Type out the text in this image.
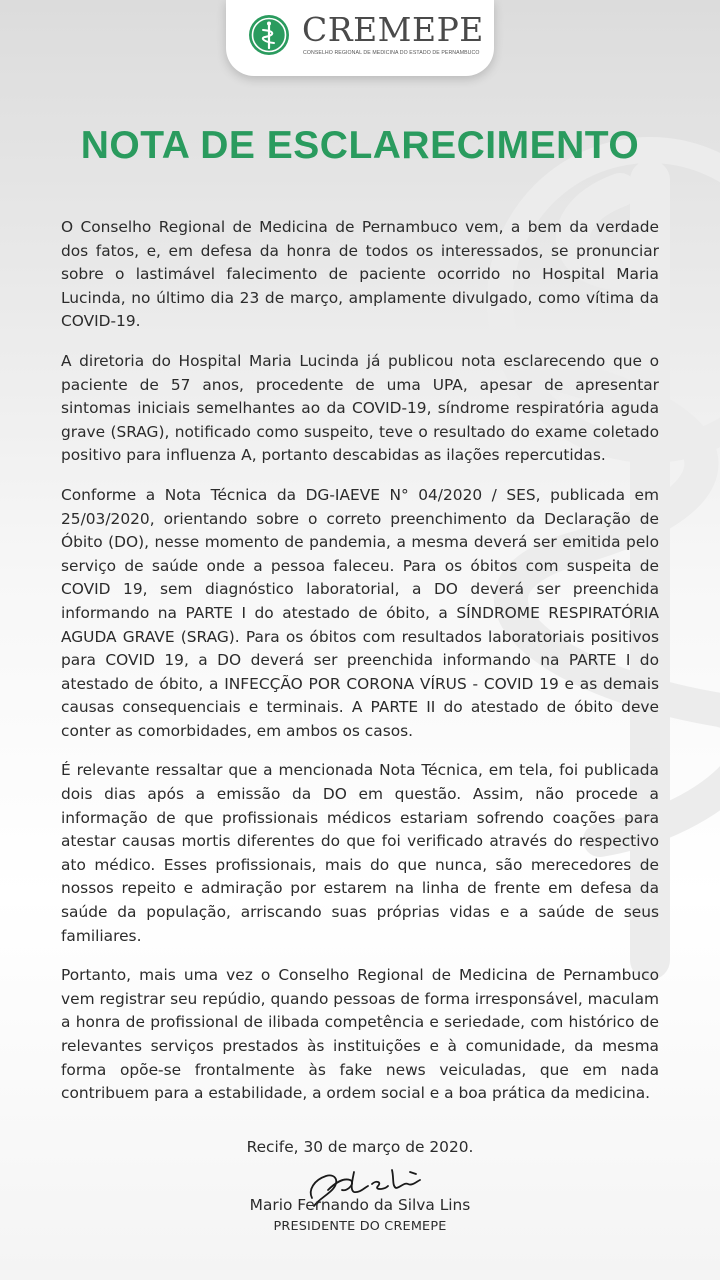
CREMEPE
CONSELHO REGIONAL DE MEDICINA DO ESTADO DE PERNAMBUCO
NOTA DE ESCLARECIMENTO

O Conselho Regional de Medicina de Pernambuco vem, a bem da verdade dos fatos, e, em defesa da honra de todos os interessados, se pronunciar sobre o lastimável falecimento de paciente ocorrido no Hospital Maria Lucinda, no último dia 23 de março, amplamente divulgado, como vítima da COVID-19.

A diretoria do Hospital Maria Lucinda já publicou nota esclarecendo que o paciente de 57 anos, procedente de uma UPA, apesar de apresentar sintomas iniciais semelhantes ao da COVID-19, síndrome respiratória aguda grave (SRAG), notificado como suspeito, teve o resultado do exame coletado positivo para influenza A, portanto descabidas as ilações repercutidas.

Conforme a Nota Técnica da DG-IAEVE N° 04/2020 / SES, publicada em 25/03/2020, orientando sobre o correto preenchimento da Declaração de Óbito (DO), nesse momento de pandemia, a mesma deverá ser emitida pelo serviço de saúde onde a pessoa faleceu. Para os óbitos com suspeita de COVID 19, sem diagnóstico laboratorial, a DO deverá ser preenchida informando na PARTE I do atestado de óbito, a SÍNDROME RESPIRATÓRIA AGUDA GRAVE (SRAG). Para os óbitos com resultados laboratoriais positivos para COVID 19, a DO deverá ser preenchida informando na PARTE I do atestado de óbito, a INFECÇÃO POR CORONA VÍRUS - COVID 19 e as demais causas consequenciais e terminais. A PARTE II do atestado de óbito deve conter as comorbidades, em ambos os casos.

É relevante ressaltar que a mencionada Nota Técnica, em tela, foi publicada dois dias após a emissão da DO em questão. Assim, não procede a informação de que profissionais médicos estariam sofrendo coações para atestar causas mortis diferentes do que foi verificado através do respectivo ato médico. Esses profissionais, mais do que nunca, são merecedores de nossos repeito e admiração por estarem na linha de frente em defesa da saúde da população, arriscando suas próprias vidas e a saúde de seus familiares.

Portanto, mais uma vez o Conselho Regional de Medicina de Pernambuco vem registrar seu repúdio, quando pessoas de forma irresponsável, maculam a honra de profissional de ilibada competência e seriedade, com histórico de relevantes serviços prestados às instituições e à comunidade, da mesma forma opõe-se frontalmente às fake news veiculadas, que em nada contribuem para a estabilidade, a ordem social e a boa prática da medicina.

Recife, 30 de março de 2020.
Mario Fernando da Silva Lins
PRESIDENTE DO CREMEPE
